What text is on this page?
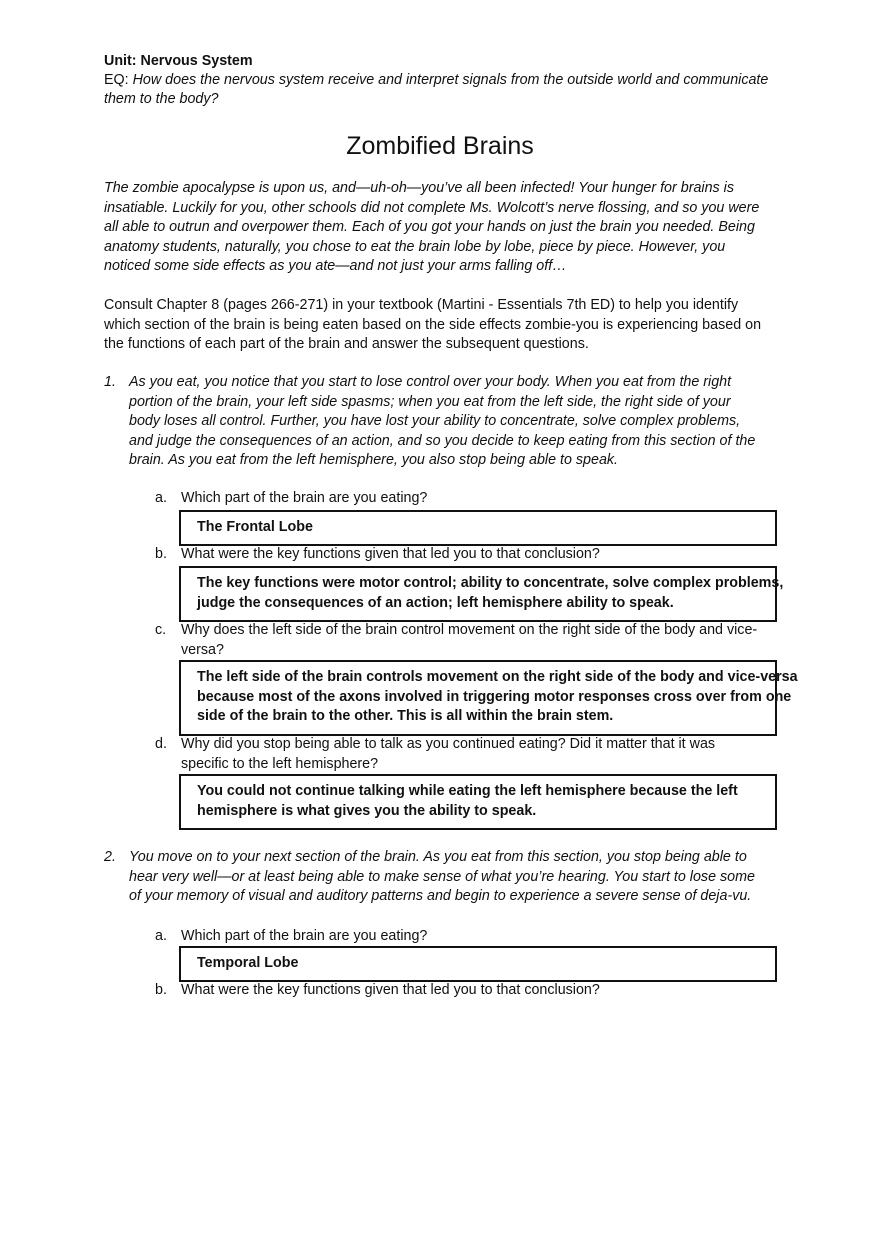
Unit: Nervous System
EQ: How does the nervous system receive and interpret signals from the outside world and communicate
them to the body?
Zombified Brains
The zombie apocalypse is upon us, and—uh-oh—you’ve all been infected! Your hunger for brains is
insatiable. Luckily for you, other schools did not complete Ms. Wolcott’s nerve flossing, and so you were
all able to outrun and overpower them. Each of you got your hands on just the brain you needed. Being
anatomy students, naturally, you chose to eat the brain lobe by lobe, piece by piece. However, you
noticed some side effects as you ate—and not just your arms falling off…
Consult Chapter 8 (pages 266-271) in your textbook (Martini - Essentials 7th ED) to help you identify
which section of the brain is being eaten based on the side effects zombie-you is experiencing based on
the functions of each part of the brain and answer the subsequent questions.
1. As you eat, you notice that you start to lose control over your body. When you eat from the right
portion of the brain, your left side spasms; when you eat from the left side, the right side of your
body loses all control. Further, you have lost your ability to concentrate, solve complex problems,
and judge the consequences of an action, and so you decide to keep eating from this section of the
brain. As you eat from the left hemisphere, you also stop being able to speak.
a. Which part of the brain are you eating?
The Frontal Lobe
b. What were the key functions given that led you to that conclusion?
The key functions were motor control; ability to concentrate, solve complex problems,
judge the consequences of an action; left hemisphere ability to speak.
c. Why does the left side of the brain control movement on the right side of the body and vice-
versa?
The left side of the brain controls movement on the right side of the body and vice-versa
because most of the axons involved in triggering motor responses cross over from one
side of the brain to the other. This is all within the brain stem.
d. Why did you stop being able to talk as you continued eating? Did it matter that it was
specific to the left hemisphere?
You could not continue talking while eating the left hemisphere because the left
hemisphere is what gives you the ability to speak.
2. You move on to your next section of the brain. As you eat from this section, you stop being able to
hear very well—or at least being able to make sense of what you’re hearing. You start to lose some
of your memory of visual and auditory patterns and begin to experience a severe sense of deja-vu.
a. Which part of the brain are you eating?
Temporal Lobe
b. What were the key functions given that led you to that conclusion?
